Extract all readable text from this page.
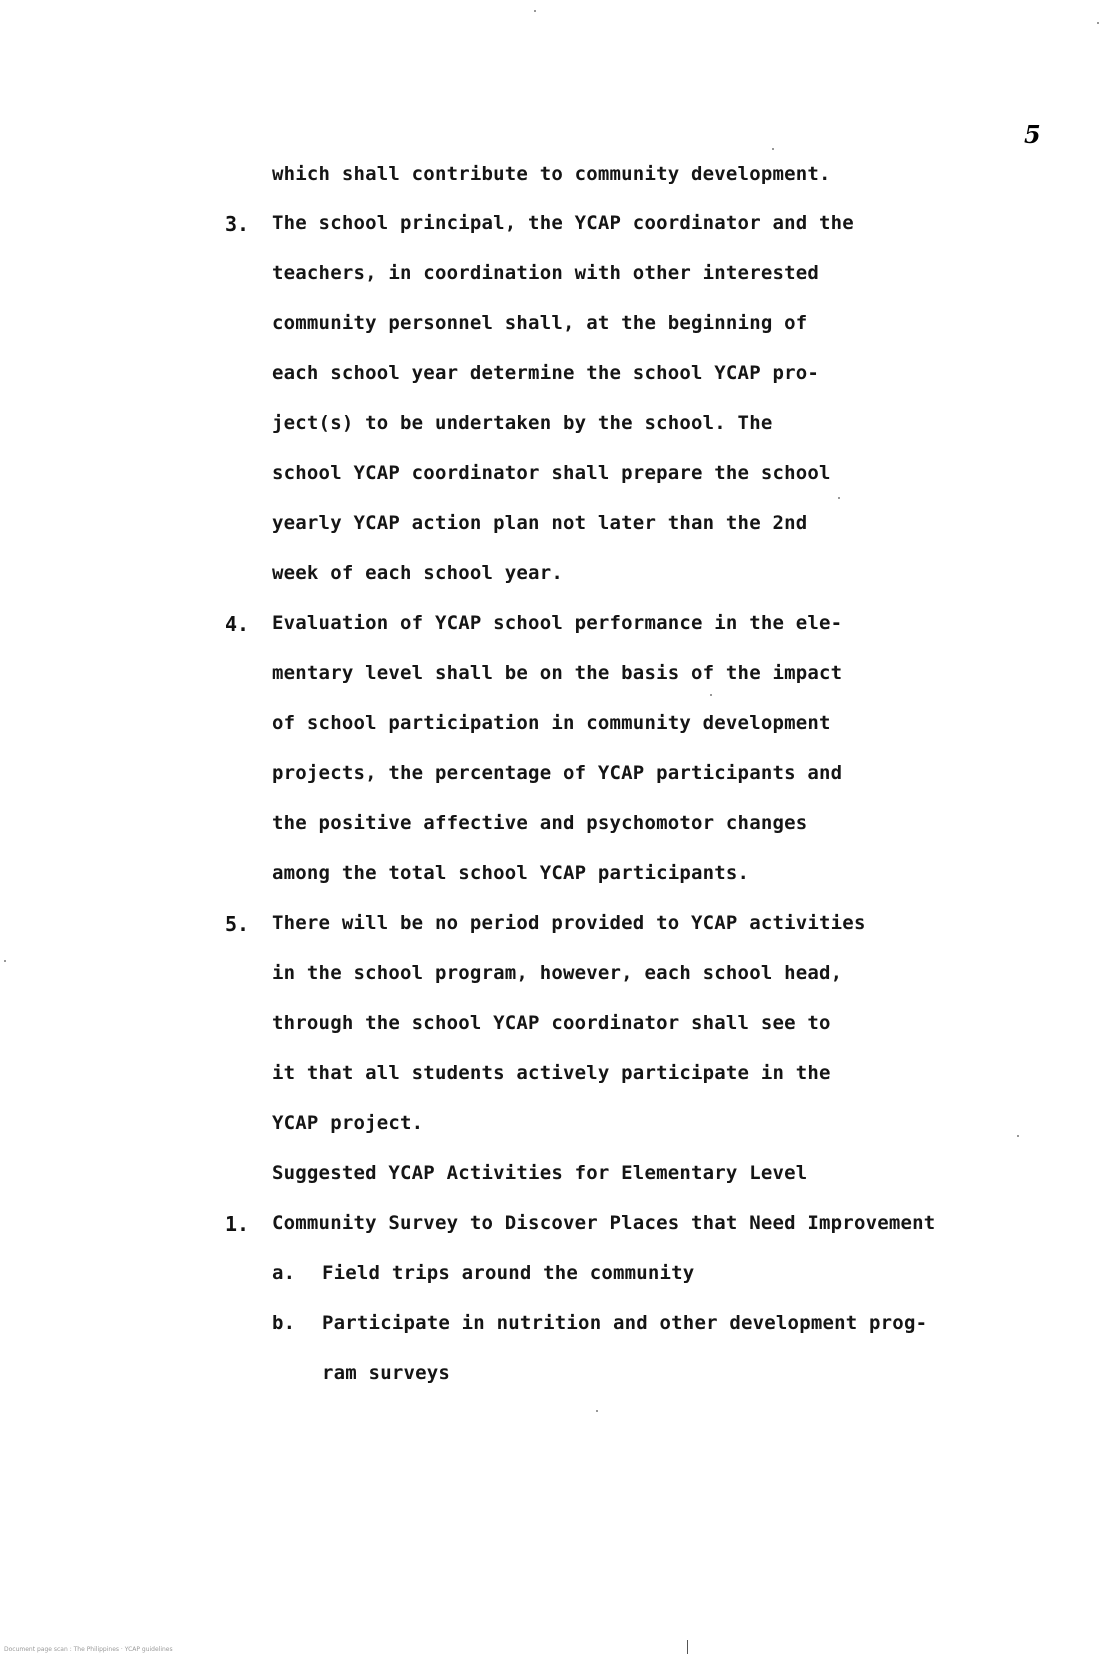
5
which shall contribute to community development.
3. The school principal, the YCAP coordinator and the
teachers, in coordination with other interested
community personnel shall, at the beginning of
each school year determine the school YCAP pro-
ject(s) to be undertaken by the school. The
school YCAP coordinator shall prepare the school
yearly YCAP action plan not later than the 2nd
week of each school year.
4. Evaluation of YCAP school performance in the ele-
mentary level shall be on the basis of the impact
of school participation in community development
projects, the percentage of YCAP participants and
the positive affective and psychomotor changes
among the total school YCAP participants.
5. There will be no period provided to YCAP activities
in the school program, however, each school head,
through the school YCAP coordinator shall see to
it that all students actively participate in the
YCAP project.
Suggested YCAP Activities for Elementary Level
1. Community Survey to Discover Places that Need Improvement
a. Field trips around the community
b. Participate in nutrition and other development prog-
ram surveys
Document page scan : The Philippines · YCAP guidelines
